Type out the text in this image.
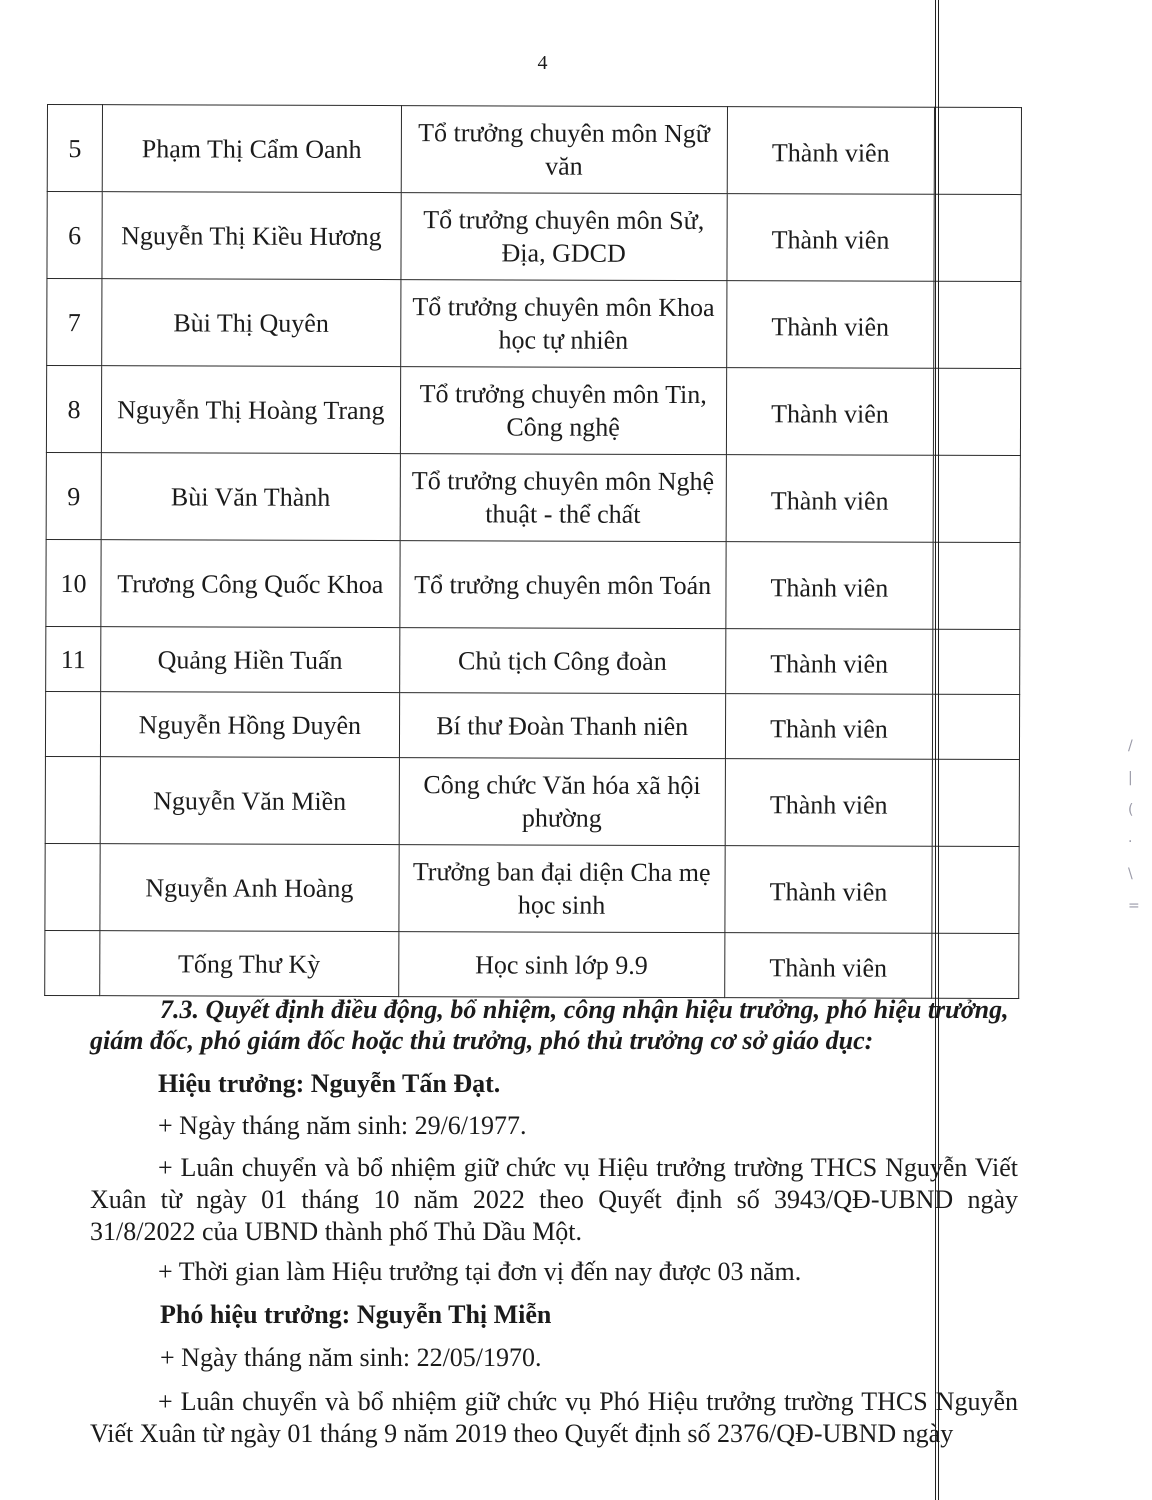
4
5	Phạm Thị Cẩm Oanh	Tổ trưởng chuyên môn Ngữ văn	Thành viên	
6	Nguyễn Thị Kiều Hương	Tổ trưởng chuyên môn Sử, Địa, GDCD	Thành viên	
7	Bùi Thị Quyên	Tổ trưởng chuyên môn Khoa học tự nhiên	Thành viên	
8	Nguyễn Thị Hoàng Trang	Tổ trưởng chuyên môn Tin, Công nghệ	Thành viên	
9	Bùi Văn Thành	Tổ trưởng chuyên môn Nghệ thuật - thể chất	Thành viên	
10	Trương Công Quốc Khoa	Tổ trưởng chuyên môn Toán	Thành viên	
11	Quảng Hiền Tuấn	Chủ tịch Công đoàn	Thành viên	
	Nguyễn Hồng Duyên	Bí thư Đoàn Thanh niên	Thành viên	
	Nguyễn Văn Miền	Công chức Văn hóa xã hội phường	Thành viên	
	Nguyễn Anh Hoàng	Trưởng ban đại diện Cha mẹ học sinh	Thành viên	
	Tống Thư Kỳ	Học sinh lớp 9.9	Thành viên	
/
|
(
·
\
=
7.3. Quyết định điều động, bổ nhiệm, công nhận hiệu trưởng, phó hiệu trưởng, giám đốc, phó giám đốc hoặc thủ trưởng, phó thủ trưởng cơ sở giáo dục:
Hiệu trưởng: Nguyễn Tấn Đạt.
+ Ngày tháng năm sinh: 29/6/1977.
+ Luân chuyển và bổ nhiệm giữ chức vụ Hiệu trưởng trường THCS Nguyễn Viết Xuân từ ngày 01 tháng 10 năm 2022 theo Quyết định số 3943/QĐ-UBND ngày 31/8/2022 của UBND thành phố Thủ Dầu Một.
+ Thời gian làm Hiệu trưởng tại đơn vị đến nay được 03 năm.
Phó hiệu trưởng: Nguyễn Thị Miễn
+ Ngày tháng năm sinh: 22/05/1970.
+ Luân chuyển và bổ nhiệm giữ chức vụ Phó Hiệu trưởng trường THCS Nguyễn Viết Xuân từ ngày 01 tháng 9 năm 2019 theo Quyết định số 2376/QĐ-UBND ngày
